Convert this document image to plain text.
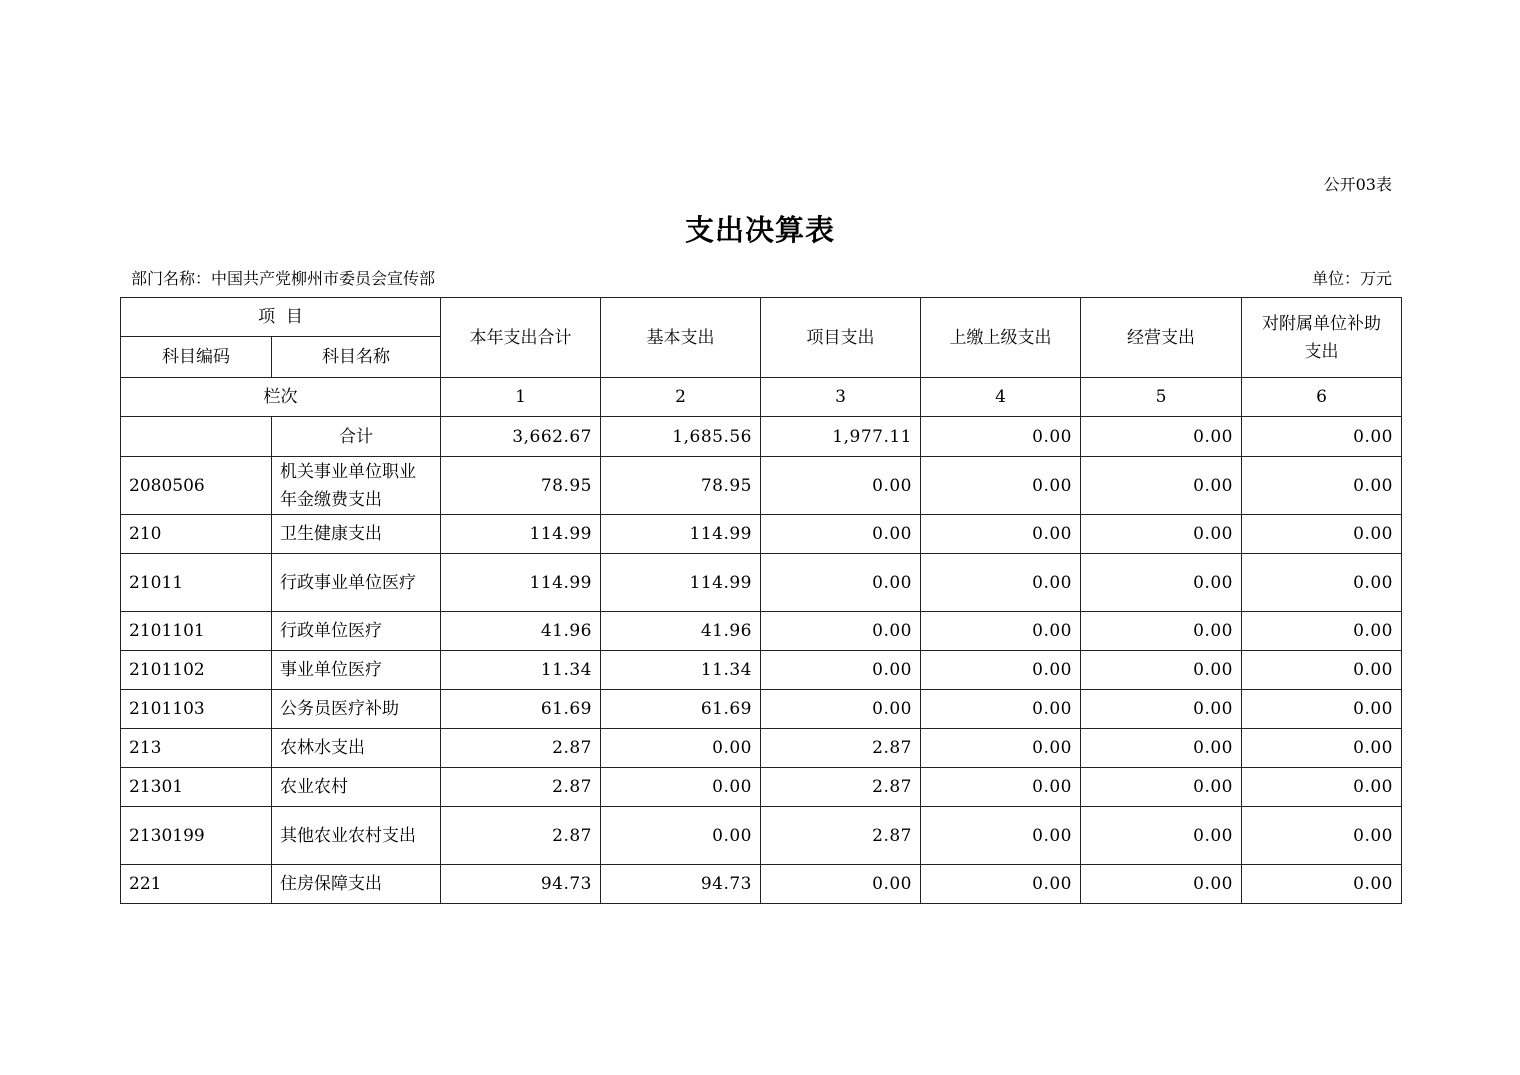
公开03表
支出决算表
部门名称：中国共产党柳州市委员会宣传部	单位：万元
项  目		本年支出合计	基本支出	项目支出	上缴上级支出	经营支出	对附属单位补助支出
科目编码	科目名称						
栏次		1	2	3	4	5	6
	合计	3,662.67	1,685.56	1,977.11	0.00	0.00	0.00
2080506	机关事业单位职业年金缴费支出	78.95	78.95	0.00	0.00	0.00	0.00
210	卫生健康支出	114.99	114.99	0.00	0.00	0.00	0.00
21011	行政事业单位医疗	114.99	114.99	0.00	0.00	0.00	0.00
2101101	行政单位医疗	41.96	41.96	0.00	0.00	0.00	0.00
2101102	事业单位医疗	11.34	11.34	0.00	0.00	0.00	0.00
2101103	公务员医疗补助	61.69	61.69	0.00	0.00	0.00	0.00
213	农林水支出	2.87	0.00	2.87	0.00	0.00	0.00
21301	农业农村	2.87	0.00	2.87	0.00	0.00	0.00
2130199	其他农业农村支出	2.87	0.00	2.87	0.00	0.00	0.00
221	住房保障支出	94.73	94.73	0.00	0.00	0.00	0.00
